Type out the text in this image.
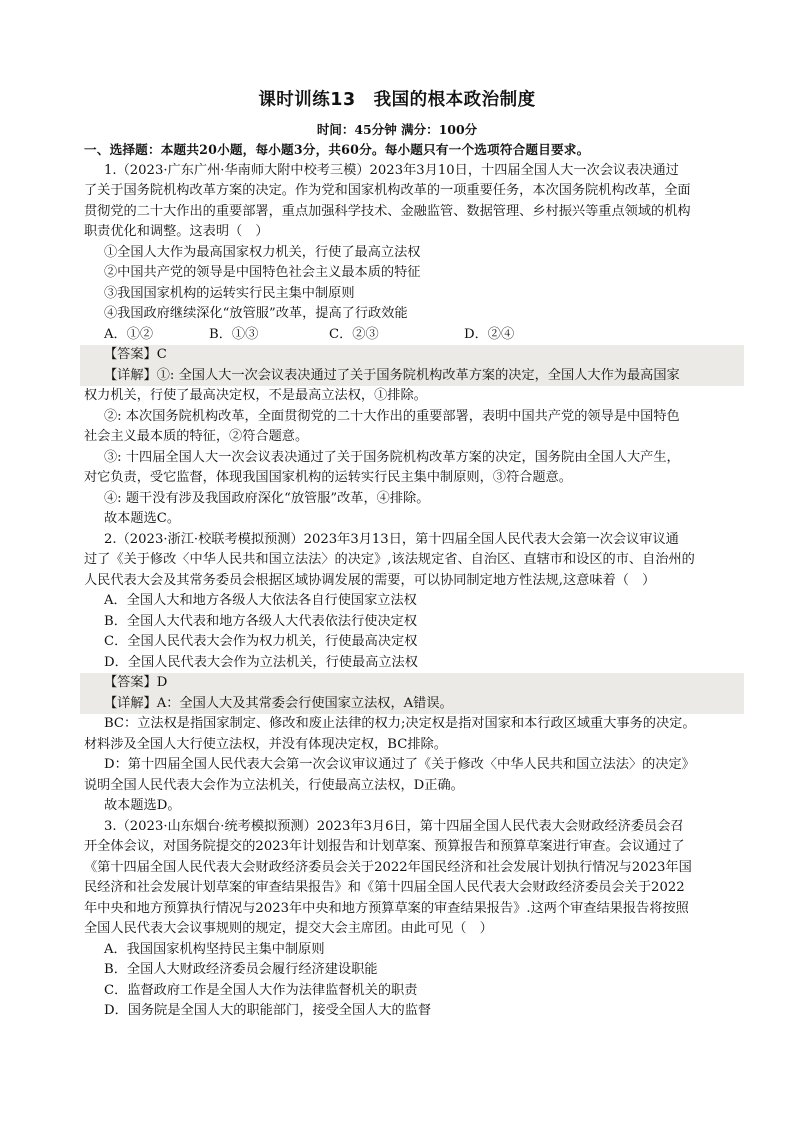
课时训练13　我国的根本政治制度
时间：45分钟 满分：100分
一、选择题：本题共20小题，每小题3分，共60分。每小题只有一个选项符合题目要求。
1.（2023·广东广州·华南师大附中校考三模）2023年3月10日，十四届全国人大一次会议表决通过
了关于国务院机构改革方案的决定。作为党和国家机构改革的一项重要任务，本次国务院机构改革，全面
贯彻党的二十大作出的重要部署，重点加强科学技术、金融监管、数据管理、乡村振兴等重点领域的机构
职责优化和调整。这表明（　）
①全国人大作为最高国家权力机关，行使了最高立法权
②中国共产党的领导是中国特色社会主义最本质的特征
③我国国家机构的运转实行民主集中制原则
④我国政府继续深化“放管服”改革，提高了行政效能
A．①②	B．①③	C．②③	D．②④
【答案】C
【详解】①: 全国人大一次会议表决通过了关于国务院机构改革方案的决定，全国人大作为最高国家
权力机关，行使了最高决定权，不是最高立法权，①排除。
②: 本次国务院机构改革，全面贯彻党的二十大作出的重要部署，表明中国共产党的领导是中国特色
社会主义最本质的特征，②符合题意。
③: 十四届全国人大一次会议表决通过了关于国务院机构改革方案的决定，国务院由全国人大产生，
对它负责，受它监督，体现我国国家机构的运转实行民主集中制原则，③符合题意。
④: 题干没有涉及我国政府深化“放管服”改革，④排除。
故本题选C。
2.（2023·浙江·校联考模拟预测）2023年3月13日，第十四届全国人民代表大会第一次会议审议通
过了《关于修改〈中华人民共和国立法法〉的决定》,该法规定省、自治区、直辖市和设区的市、自治州的
人民代表大会及其常务委员会根据区域协调发展的需要，可以协同制定地方性法规,这意味着（　）
A．全国人大和地方各级人大依法各自行使国家立法权
B．全国人大代表和地方各级人大代表依法行使决定权
C．全国人民代表大会作为权力机关，行使最高决定权
D．全国人民代表大会作为立法机关，行使最高立法权
【答案】D
【详解】A：全国人大及其常委会行使国家立法权，A错误。
BC：立法权是指国家制定、修改和废止法律的权力;决定权是指对国家和本行政区域重大事务的决定。
材料涉及全国人大行使立法权，并没有体现决定权，BC排除。
D：第十四届全国人民代表大会第一次会议审议通过了《关于修改〈中华人民共和国立法法〉的决定》
说明全国人民代表大会作为立法机关，行使最高立法权，D正确。
故本题选D。
3.（2023·山东烟台·统考模拟预测）2023年3月6日，第十四届全国人民代表大会财政经济委员会召
开全体会议，对国务院提交的2023年计划报告和计划草案、预算报告和预算草案进行审查。会议通过了
《第十四届全国人民代表大会财政经济委员会关于2022年国民经济和社会发展计划执行情况与2023年国
民经济和社会发展计划草案的审查结果报告》和《第十四届全国人民代表大会财政经济委员会关于2022
年中央和地方预算执行情况与2023年中央和地方预算草案的审查结果报告》.这两个审查结果报告将按照
全国人民代表大会议事规则的规定，提交大会主席团。由此可见（　）
A．我国国家机构坚持民主集中制原则
B．全国人大财政经济委员会履行经济建设职能
C．监督政府工作是全国人大作为法律监督机关的职责
D．国务院是全国人大的职能部门，接受全国人大的监督
